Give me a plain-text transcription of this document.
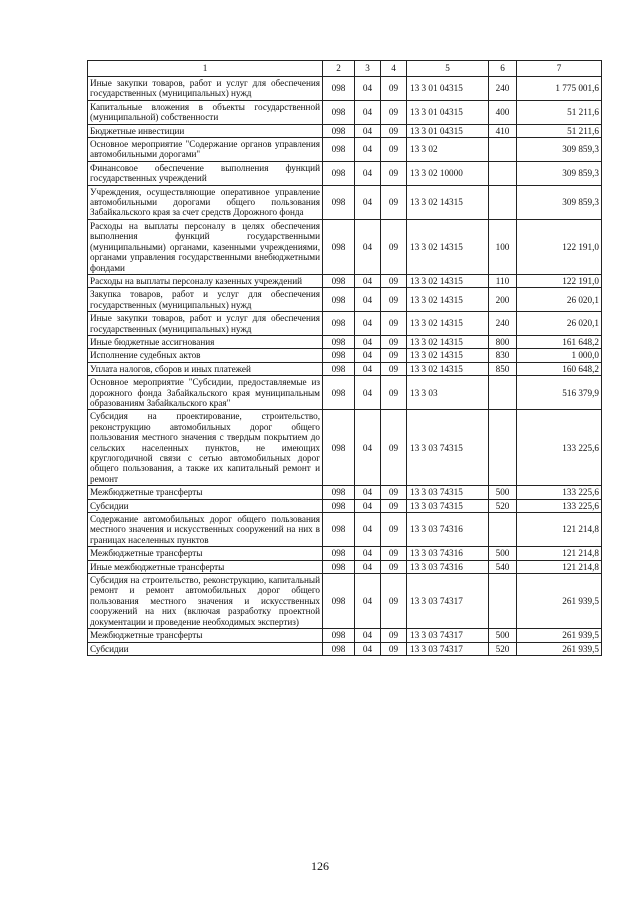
1	2	3	4	5	6	7
Иные закупки товаров, работ и услуг для обеспечения государственных (муниципальных) нужд	098	04	09	13 3 01 04315	240	1 775 001,6
Капитальные вложения в объекты государственной (муниципальной) собственности	098	04	09	13 3 01 04315	400	51 211,6
Бюджетные инвестиции	098	04	09	13 3 01 04315	410	51 211,6
Основное мероприятие "Содержание органов управления автомобильными дорогами"	098	04	09	13 3 02		309 859,3
Финансовое обеспечение выполнения функций государственных учреждений	098	04	09	13 3 02 10000		309 859,3
Учреждения, осуществляющие оперативное управление автомобильными дорогами общего пользования Забайкальского края за счет средств Дорожного фонда	098	04	09	13 3 02 14315		309 859,3
Расходы на выплаты персоналу в целях обеспечения выполнения функций государственными (муниципальными) органами, казенными учреждениями, органами управления государственными внебюджетными фондами	098	04	09	13 3 02 14315	100	122 191,0
Расходы на выплаты персоналу казенных учреждений	098	04	09	13 3 02 14315	110	122 191,0
Закупка товаров, работ и услуг для обеспечения государственных (муниципальных) нужд	098	04	09	13 3 02 14315	200	26 020,1
Иные закупки товаров, работ и услуг для обеспечения государственных (муниципальных) нужд	098	04	09	13 3 02 14315	240	26 020,1
Иные бюджетные ассигнования	098	04	09	13 3 02 14315	800	161 648,2
Исполнение судебных актов	098	04	09	13 3 02 14315	830	1 000,0
Уплата налогов, сборов и иных платежей	098	04	09	13 3 02 14315	850	160 648,2
Основное мероприятие "Субсидии, предоставляемые из дорожного фонда Забайкальского края муниципальным образованиям Забайкальского края"	098	04	09	13 3 03		516 379,9
Субсидия на проектирование, строительство, реконструкцию автомобильных дорог общего пользования местного значения с твердым покрытием до сельских населенных пунктов, не имеющих круглогодичной связи с сетью автомобильных дорог общего пользования, а также их капитальный ремонт и ремонт	098	04	09	13 3 03 74315		133 225,6
Межбюджетные трансферты	098	04	09	13 3 03 74315	500	133 225,6
Субсидии	098	04	09	13 3 03 74315	520	133 225,6
Содержание автомобильных дорог общего пользования местного значения и искусственных сооружений на них в границах населенных пунктов	098	04	09	13 3 03 74316		121 214,8
Межбюджетные трансферты	098	04	09	13 3 03 74316	500	121 214,8
Иные межбюджетные трансферты	098	04	09	13 3 03 74316	540	121 214,8
Субсидия на строительство, реконструкцию, капитальный ремонт и ремонт автомобильных дорог общего пользования местного значения и искусственных сооружений на них (включая разработку проектной документации и проведение необходимых экспертиз)	098	04	09	13 3 03 74317		261 939,5
Межбюджетные трансферты	098	04	09	13 3 03 74317	500	261 939,5
Субсидии	098	04	09	13 3 03 74317	520	261 939,5
126
